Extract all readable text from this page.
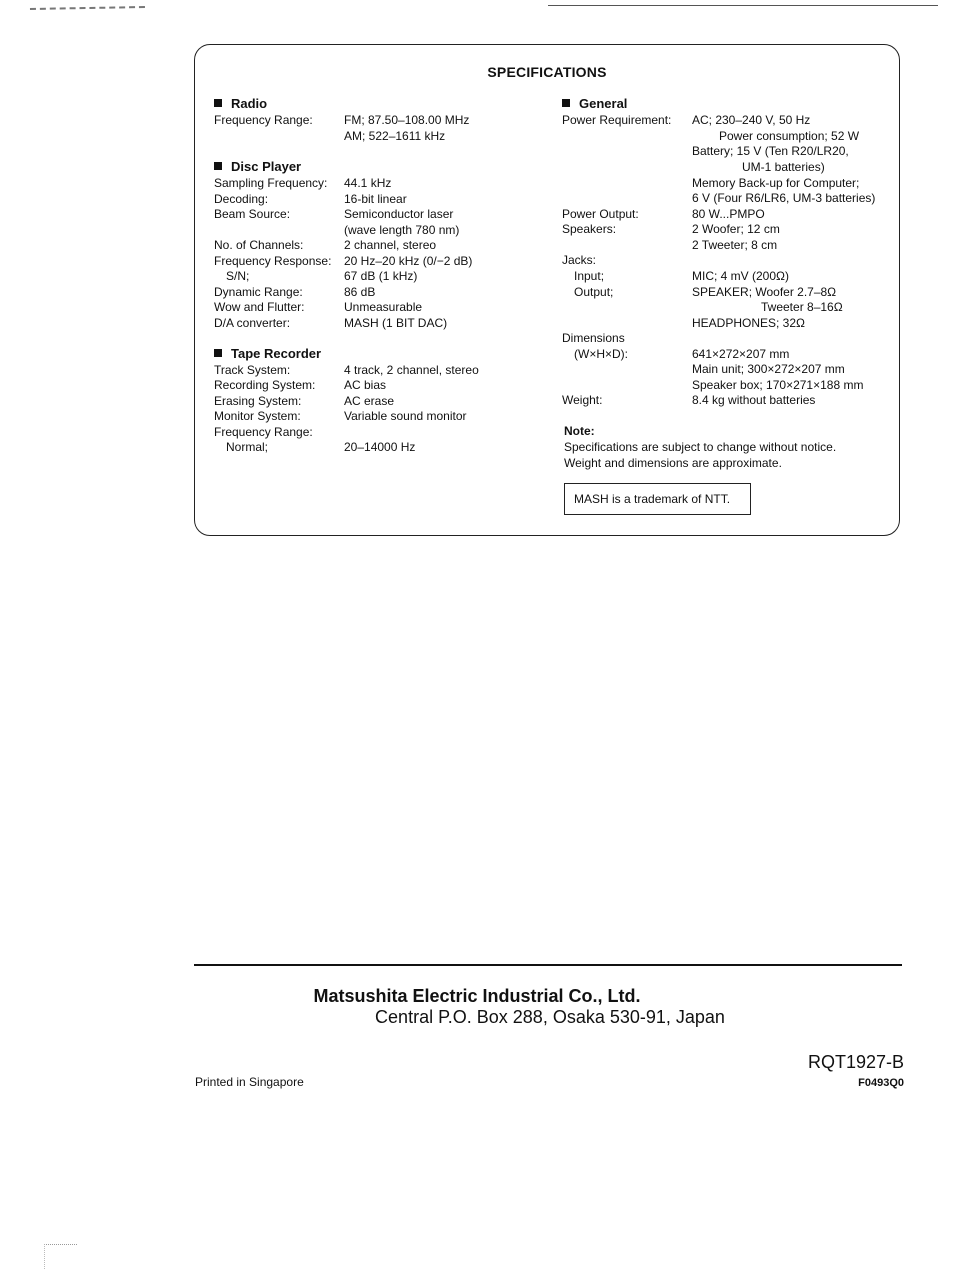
SPECIFICATIONS
Radio
Frequency Range:	FM; 87.50–108.00 MHz
AM; 522–1611 kHz
Disc Player
Sampling Frequency: 44.1 kHz
Decoding:	16-bit linear
Beam Source:	Semiconductor laser
(wave length 780 nm)
No. of Channels:	2 channel, stereo
Frequency Response: 20 Hz–20 kHz (0/−2 dB)
S/N;	67 dB (1 kHz)
Dynamic Range:	86 dB
Wow and Flutter:	Unmeasurable
D/A converter:	MASH (1 BIT DAC)
Tape Recorder
Track System:	4 track, 2 channel, stereo
Recording System: AC bias
Erasing System:	AC erase
Monitor System:	Variable sound monitor
Frequency Range:
Normal;	20–14000 Hz
General
Power Requirement: AC; 230–240 V, 50 Hz
Power consumption; 52 W
Battery; 15 V (Ten R20/LR20,
UM-1 batteries)
Memory Back-up for Computer;
6 V (Four R6/LR6, UM-3 batteries)
Power Output:	80 W...PMPO
Speakers:	2 Woofer; 12 cm
2 Tweeter; 8 cm
Jacks:
Input;	MIC; 4 mV (200Ω)
Output;	SPEAKER; Woofer 2.7–8Ω
Tweeter 8–16Ω
HEADPHONES; 32Ω
Dimensions
(W×H×D):	641×272×207 mm
Main unit; 300×272×207 mm
Speaker box; 170×271×188 mm
Weight:	8.4 kg without batteries
Note:
Specifications are subject to change without notice.
Weight and dimensions are approximate.
MASH is a trademark of NTT.
Matsushita Electric Industrial Co., Ltd.
Central P.O. Box 288, Osaka 530-91, Japan
Printed in Singapore
RQT1927-B
F0493Q0
